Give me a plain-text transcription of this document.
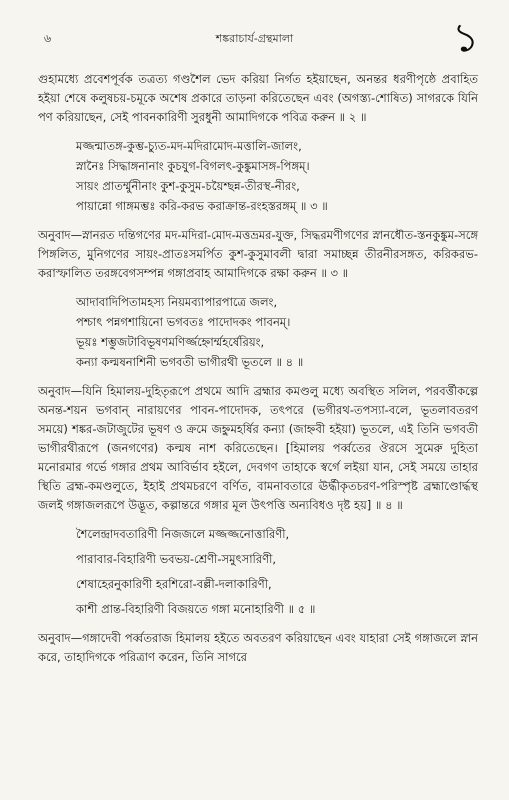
৬	শঙ্করাচার্য-গ্রন্থমালা	১

গুহামধ্যে প্রবেশপূর্বক তত্রত্য গণ্ডশৈল ভেদ করিয়া নির্গত হইয়াছেন, অনন্তর ধরণীপৃষ্ঠে প্রবাহিত হইয়া শেষে কলুষচয়-চমূকে অশেষ প্রকারে তাড়না করিতেছেন এবং (অগস্ত্য-শোষিত) সাগরকে যিনি পণ করিয়াছেন, সেই পাবনকারিণী সুরধুনী আমাদিগকে পবিত্র করুন ॥ ২ ॥

মজ্জন্মাতঙ্গ-কুম্ভ-চ্যুত-মদ-মদিরামোদ-মত্তালি-জালং,
স্নানৈঃ সিদ্ধাঙ্গনানাং কুচযুগ-বিগলৎ-কুঙ্কুমাসঙ্গ-পিঙ্গম্।
সায়ং প্রাতর্ম্মুনীনাং কুশ-কুসুম-চয়ৈশ্ছন্ন-তীরস্থ-নীরং,
পায়ান্নো গাঙ্গমম্ভঃ করি-করভ করাক্রান্ত-রংহস্তরঙ্গম্ ॥ ৩ ॥

অনুবাদ—স্নানরত দন্তিগণের মদ-মদিরা-মোদ-মত্তভ্রমর-যুক্ত, সিদ্ধরমণীগণের স্নানধৌত-স্তনকুঙ্কুম-সঙ্গে পিঙ্গলিত, মুনিগণের সায়ং-প্রাতঃসমর্পিত কুশ-কুসুমাবলী দ্বারা সমাচ্ছন্ন তীরনীরসঙ্গত, করিকরভ-করাস্ফালিত তরঙ্গবেগসম্পন্ন গঙ্গাপ্রবাহ আমাদিগকে রক্ষা করুন ॥ ৩ ॥

আদাবাদিপিতামহস্য নিয়মব্যাপারপাত্রে জলং,
পশ্চাৎ পন্নগশায়িনো ভগবতঃ পাদোদকং পাবনম্।
ভূয়ঃ শম্ভুজটাবিভূষণমণির্জ্জহ্নোর্ম্মহর্ষেরিয়ং,
কন্যা কল্মষনাশিনী ভগবতী ভাগীরথী ভূতলে ॥ ৪ ॥

অনুবাদ—যিনি হিমালয়-দুহিতৃরূপে প্রথমে আদি ব্রহ্মার কমণ্ডলু মধ্যে অবস্থিত সলিল, পরবর্ত্তীকল্পে অনন্ত-শয়ন ভগবান্ নারায়ণের পাবন-পাদোদক, তৎপরে (ভগীরথ-তপস্যা-বলে, ভূতলাবতরণ সময়ে) শঙ্কর-জটাজুটের ভূষণ ও ক্রমে জহ্নুমহর্ষির কন্যা (জাহ্নবী হইয়া) ভূতলে, এই তিনি ভগবতী ভাগীরথীরূপে (জনগণের) কল্মষ নাশ করিতেছেন। [হিমালয় পর্ব্বতের ঔরসে সুমেরু দুহিতা মনোরমার গর্ভে গঙ্গার প্রথম আবির্ভাব হইলে, দেবগণ তাহাকে স্বর্গে লইয়া যান, সেই সময়ে তাহার স্থিতি ব্রহ্ম-কমণ্ডলুতে, ইহাই প্রথমচরণে বর্ণিত, বামনাবতারে ঊর্দ্ধীকৃতচরণ-পরিস্পৃষ্ট ব্রহ্মাণ্ডোর্দ্ধস্থ জলই গঙ্গাজলরূপে উদ্ভূত, কল্পান্তরে গঙ্গার মূল উৎপত্তি অন্যবিধও দৃষ্ট হয়] ॥ ৪ ॥

শৈলেন্দ্রাদবতারিণী নিজজলে মজ্জজ্জনোত্তারিণী,
পারাবার-বিহারিণী ভবভয়-শ্রেণী-সমুৎসারিণী,
শেষাহেরনুকারিণী হরশিরো-বল্লী-দলাকারিণী,
কাশী প্রান্ত-বিহারিণী বিজয়তে গঙ্গা মনোহারিণী ॥ ৫ ॥

অনুবাদ—গঙ্গাদেবী পর্ব্বতরাজ হিমালয় হইতে অবতরণ করিয়াছেন এবং যাহারা সেই গঙ্গাজলে স্নান করে, তাহাদিগকে পরিত্রাণ করেন, তিনি সাগরে
